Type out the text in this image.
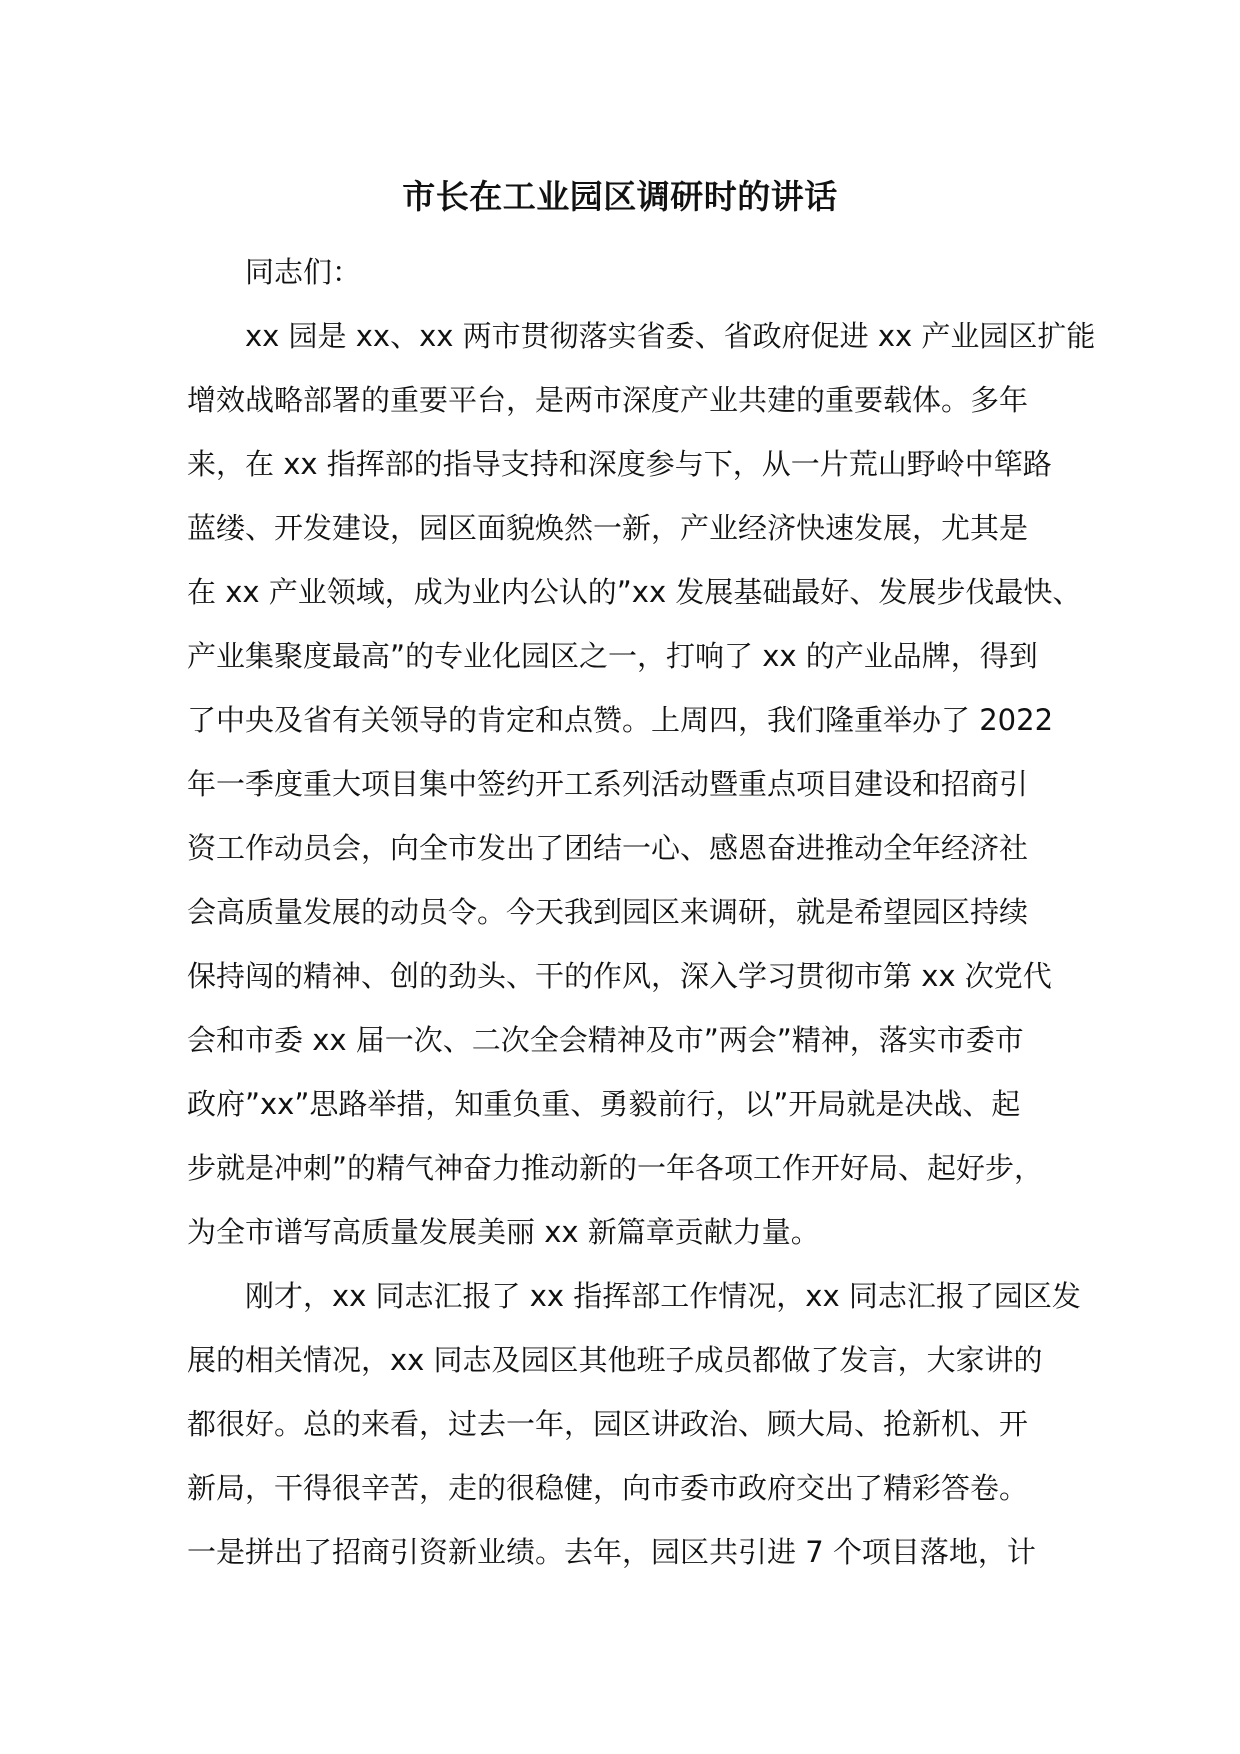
市长在工业园区调研时的讲话

同志们：

xx 园是 xx、xx 两市贯彻落实省委、省政府促进 xx 产业园区扩能

增效战略部署的重要平台，是两市深度产业共建的重要载体。多年
来，在 xx 指挥部的指导支持和深度参与下，从一片荒山野岭中筚路
蓝缕、开发建设，园区面貌焕然一新，产业经济快速发展，尤其是
在 xx 产业领域，成为业内公认的”xx 发展基础最好、发展步伐最快、
产业集聚度最高”的专业化园区之一，打响了 xx 的产业品牌，得到
了中央及省有关领导的肯定和点赞。上周四，我们隆重举办了 2022
年一季度重大项目集中签约开工系列活动暨重点项目建设和招商引
资工作动员会，向全市发出了团结一心、感恩奋进推动全年经济社
会高质量发展的动员令。今天我到园区来调研，就是希望园区持续
保持闯的精神、创的劲头、干的作风，深入学习贯彻市第 xx 次党代
会和市委 xx 届一次、二次全会精神及市”两会”精神，落实市委市
政府”xx”思路举措，知重负重、勇毅前行，以”开局就是决战、起
步就是冲刺”的精气神奋力推动新的一年各项工作开好局、起好步，
为全市谱写高质量发展美丽 xx 新篇章贡献力量。

刚才，xx 同志汇报了 xx 指挥部工作情况，xx 同志汇报了园区发

展的相关情况，xx 同志及园区其他班子成员都做了发言，大家讲的
都很好。总的来看，过去一年，园区讲政治、顾大局、抢新机、开
新局，干得很辛苦，走的很稳健，向市委市政府交出了精彩答卷。
一是拼出了招商引资新业绩。去年，园区共引进 7 个项目落地，计
